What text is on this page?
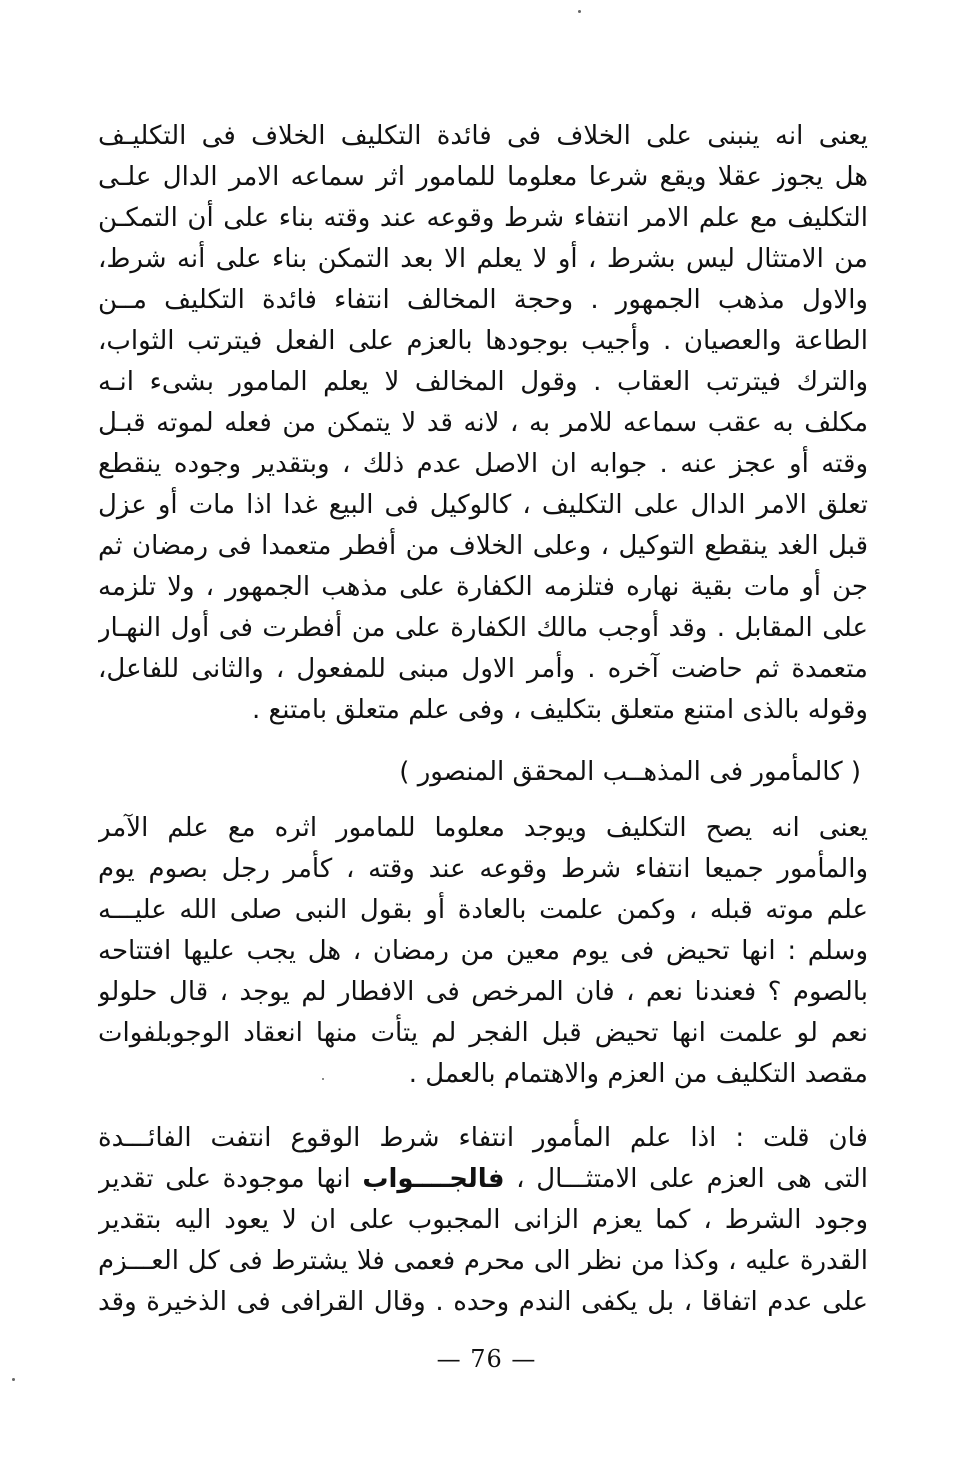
يعنى انه ينبنى على الخلاف فى فائدة التكليف الخلاف فى التكليـف
هل يجوز عقلا ويقع شرعا معلوما للمامور اثر سماعه الامر الدال علـى
التكليف مع علم الامر انتفاء شرط وقوعه عند وقته بناء على أن التمكـن
من الامتثال ليس بشرط ، أو لا يعلم الا بعد التمكن بناء على أنه شرط،
والاول مذهب الجمهور . وحجة المخالف انتفاء فائدة التكليف مــن
الطاعة والعصيان . وأجيب بوجودها بالعزم على الفعل فيترتب الثواب،
والترك فيترتب العقاب . وقول المخالف لا يعلم المامور بشىء انـه
مكلف به عقب سماعه للامر به ، لانه قد لا يتمكن من فعله لموته قبـل
وقته أو عجز عنه . جوابه ان الاصل عدم ذلك ، وبتقدير وجوده ينقطع
تعلق الامر الدال على التكليف ، كالوكيل فى البيع غدا اذا مات أو عزل
قبل الغد ينقطع التوكيل ، وعلى الخلاف من أفطر متعمدا فى رمضان ثم
جن أو مات بقية نهاره فتلزمه الكفارة على مذهب الجمهور ، ولا تلزمه
على المقابل . وقد أوجب مالك الكفارة على من أفطرت فى أول النهـار
متعمدة ثم حاضت آخره . وأمر الاول مبنى للمفعول ، والثانى للفاعل،
وقوله بالذى امتنع متعلق بتكليف ، وفى علم متعلق بامتنع .
( كالمأمور فى المذهــب المحقق المنصور )
يعنى انه يصح التكليف ويوجد معلوما للمامور اثره مع علم الآمر
والمأمور جميعا انتفاء شرط وقوعه عند وقته ، كأمر رجل بصوم يوم
علم موته قبله ، وكمن علمت بالعادة أو بقول النبى صلى الله عليـــه
وسلم : انها تحيض فى يوم معين من رمضان ، هل يجب عليها افتتاحه
بالصوم ؟ فعندنا نعم ، فان المرخص فى الافطار لم يوجد ، قال حلولو
نعم لو علمت انها تحيض قبل الفجر لم يتأت منها انعقاد الوجوبلفوات
مقصد التكليف من العزم والاهتمام بالعمل .
فان قلت : اذا علم المأمور انتفاء شرط الوقوع انتفت الفائـــدة
التى هى العزم على الامتثـــال ، فالجــــواب انها موجودة على تقدير
وجود الشرط ، كما يعزم الزانى المجبوب على ان لا يعود اليه بتقدير
القدرة عليه ، وكذا من نظر الى محرم فعمى فلا يشترط فى كل العـــزم
على عدم اتفاقا ، بل يكفى الندم وحده . وقال القرافى فى الذخيرة وقد
— 76 —
